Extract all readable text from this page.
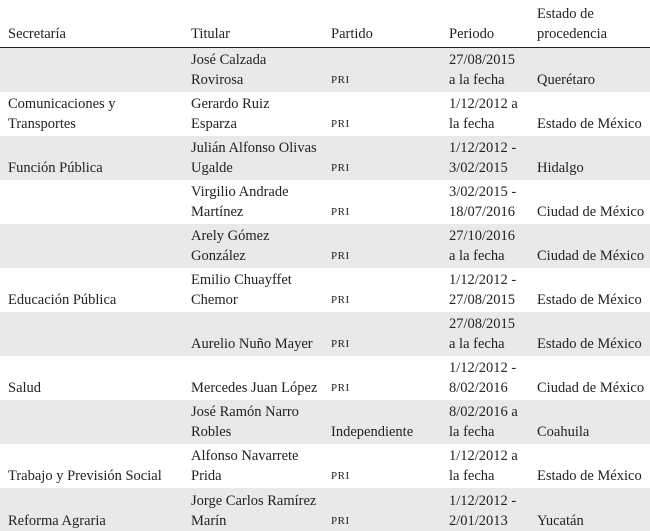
Secretaría	Titular	Partido	Periodo	Estado de procedencia
	José Calzada Rovirosa	PRI	27/08/2015 a la fecha	Querétaro
Comunicaciones y Transportes	Gerardo Ruiz Esparza	PRI	1/12/2012 a la fecha	Estado de México
Función Pública	Julián Alfonso Olivas Ugalde	PRI	1/12/2012 - 3/02/2015	Hidalgo
	Virgilio Andrade Martínez	PRI	3/02/2015 - 18/07/2016	Ciudad de México
	Arely Gómez González	PRI	27/10/2016 a la fecha	Ciudad de México
Educación Pública	Emilio Chuayffet Chemor	PRI	1/12/2012 - 27/08/2015	Estado de México
	Aurelio Nuño Mayer	PRI	27/08/2015 a la fecha	Estado de México
Salud	Mercedes Juan López	PRI	1/12/2012 - 8/02/2016	Ciudad de México
	José Ramón Narro Robles	Independiente	8/02/2016 a la fecha	Coahuila
Trabajo y Previsión Social	Alfonso Navarrete Prida	PRI	1/12/2012 a la fecha	Estado de México
Reforma Agraria	Jorge Carlos Ramírez Marín	PRI	1/12/2012 - 2/01/2013	Yucatán
